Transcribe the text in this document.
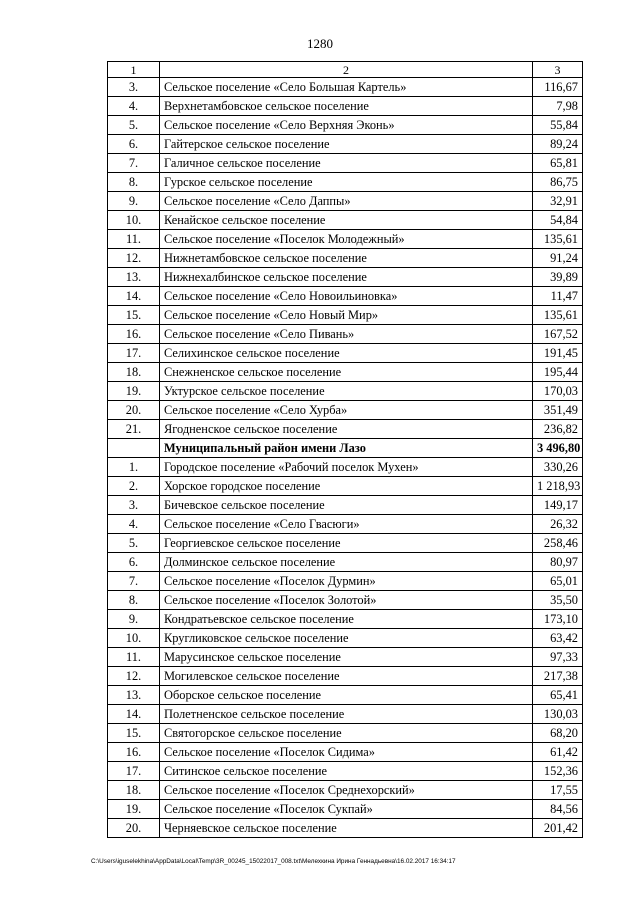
1280
1	2	3
3.	Сельское поселение «Село Большая Картель»	116,67
4.	Верхнетамбовское сельское поселение	7,98
5.	Сельское поселение «Село Верхняя Эконь»	55,84
6.	Гайтерское сельское поселение	89,24
7.	Галичное сельское поселение	65,81
8.	Гурское сельское поселение	86,75
9.	Сельское поселение «Село Даппы»	32,91
10.	Кенайское сельское поселение	54,84
11.	Сельское поселение «Поселок Молодежный»	135,61
12.	Нижнетамбовское сельское поселение	91,24
13.	Нижнехалбинское сельское поселение	39,89
14.	Сельское поселение «Село Новоильиновка»	11,47
15.	Сельское поселение «Село Новый Мир»	135,61
16.	Сельское поселение «Село Пивань»	167,52
17.	Селихинское сельское поселение	191,45
18.	Снежненское сельское поселение	195,44
19.	Уктурское сельское поселение	170,03
20.	Сельское поселение «Село Хурба»	351,49
21.	Ягодненское сельское поселение	236,82
	Муниципальный район имени Лазо	3 496,80
1.	Городское поселение «Рабочий поселок Мухен»	330,26
2.	Хорское городское поселение	1 218,93
3.	Бичевское сельское поселение	149,17
4.	Сельское поселение «Село Гвасюги»	26,32
5.	Георгиевское сельское поселение	258,46
6.	Долминское сельское поселение	80,97
7.	Сельское поселение «Поселок Дурмин»	65,01
8.	Сельское поселение «Поселок Золотой»	35,50
9.	Кондратьевское сельское поселение	173,10
10.	Кругликовское сельское поселение	63,42
11.	Марусинское сельское поселение	97,33
12.	Могилевское сельское поселение	217,38
13.	Оборское сельское поселение	65,41
14.	Полетненское сельское поселение	130,03
15.	Святогорское сельское поселение	68,20
16.	Сельское поселение «Поселок Сидима»	61,42
17.	Ситинское сельское поселение	152,36
18.	Сельское поселение «Поселок Среднехорский»	17,55
19.	Сельское поселение «Поселок Сукпай»	84,56
20.	Черняевское сельское поселение	201,42
C:\Users\iguselekhina\AppData\Local\Temp\3R_00245_15022017_008.txt\Мелехкина Ирина Геннадьевна\16.02.2017 16:34:17
